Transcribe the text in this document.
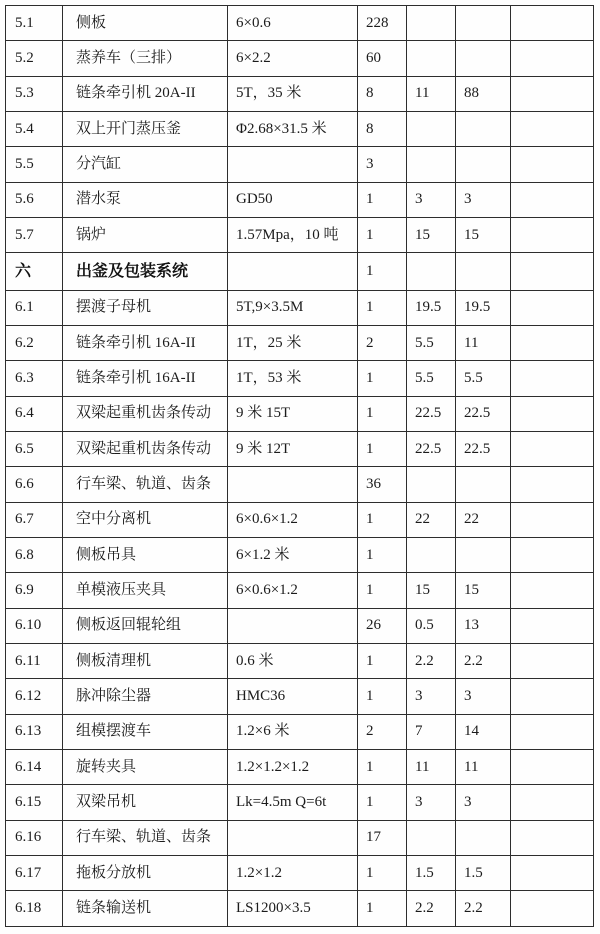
5.1	侧板	6×0.6	228			
5.2	蒸养车（三排）	6×2.2	60			
5.3	链条牵引机 20A-II	5T，35 米	8	11	88	
5.4	双上开门蒸压釜	Φ2.68×31.5 米	8			
5.5	分汽缸		3			
5.6	潜水泵	GD50	1	3	3	
5.7	锅炉	1.57Mpa，10 吨	1	15	15	
六	出釜及包装系统		1			
6.1	摆渡子母机	5T,9×3.5M	1	19.5	19.5	
6.2	链条牵引机 16A-II	1T，25 米	2	5.5	11	
6.3	链条牵引机 16A-II	1T，53 米	1	5.5	5.5	
6.4	双梁起重机齿条传动	9 米 15T	1	22.5	22.5	
6.5	双梁起重机齿条传动	9 米 12T	1	22.5	22.5	
6.6	行车梁、轨道、齿条		36			
6.7	空中分离机	6×0.6×1.2	1	22	22	
6.8	侧板吊具	6×1.2 米	1			
6.9	单模液压夹具	6×0.6×1.2	1	15	15	
6.10	侧板返回辊轮组		26	0.5	13	
6.11	侧板清理机	0.6 米	1	2.2	2.2	
6.12	脉冲除尘器	HMC36	1	3	3	
6.13	组模摆渡车	1.2×6 米	2	7	14	
6.14	旋转夹具	1.2×1.2×1.2	1	11	11	
6.15	双梁吊机	Lk=4.5m Q=6t	1	3	3	
6.16	行车梁、轨道、齿条		17			
6.17	拖板分放机	1.2×1.2	1	1.5	1.5	
6.18	链条输送机	LS1200×3.5	1	2.2	2.2	
